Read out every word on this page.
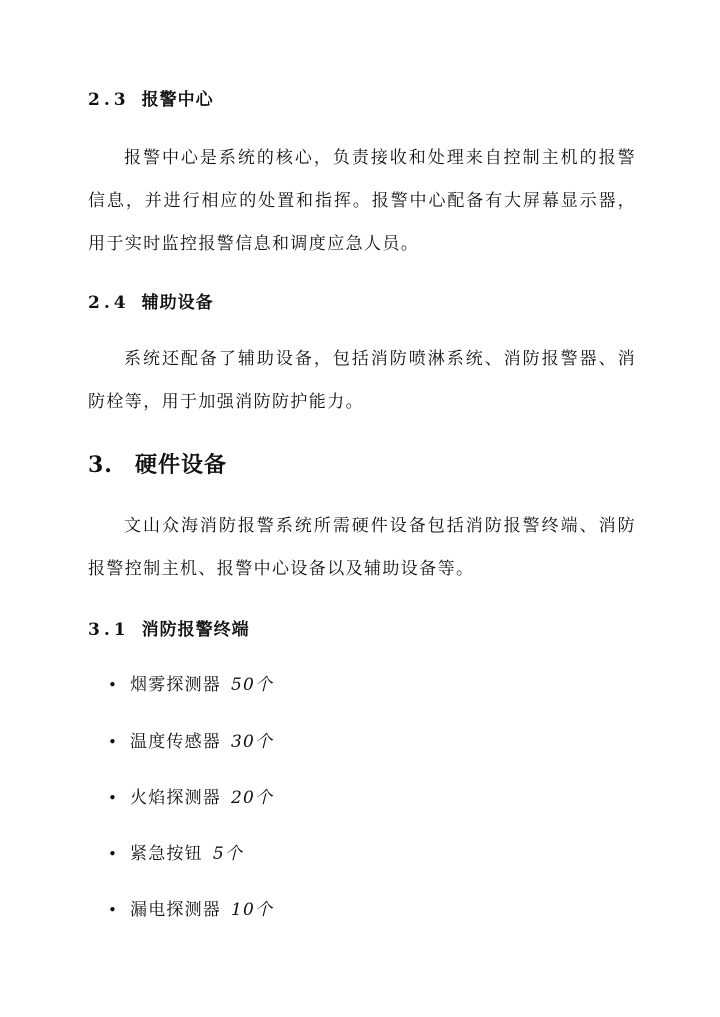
2.3 报警中心
报警中心是系统的核心，负责接收和处理来自控制主机的报警信息，并进行相应的处置和指挥。报警中心配备有大屏幕显示器，用于实时监控报警信息和调度应急人员。
2.4 辅助设备
系统还配备了辅助设备，包括消防喷淋系统、消防报警器、消防栓等，用于加强消防防护能力。
3. 硬件设备
文山众海消防报警系统所需硬件设备包括消防报警终端、消防报警控制主机、报警中心设备以及辅助设备等。
3.1 消防报警终端
• 烟雾探测器 50个
• 温度传感器 30个
• 火焰探测器 20个
• 紧急按钮 5个
• 漏电探测器 10个
